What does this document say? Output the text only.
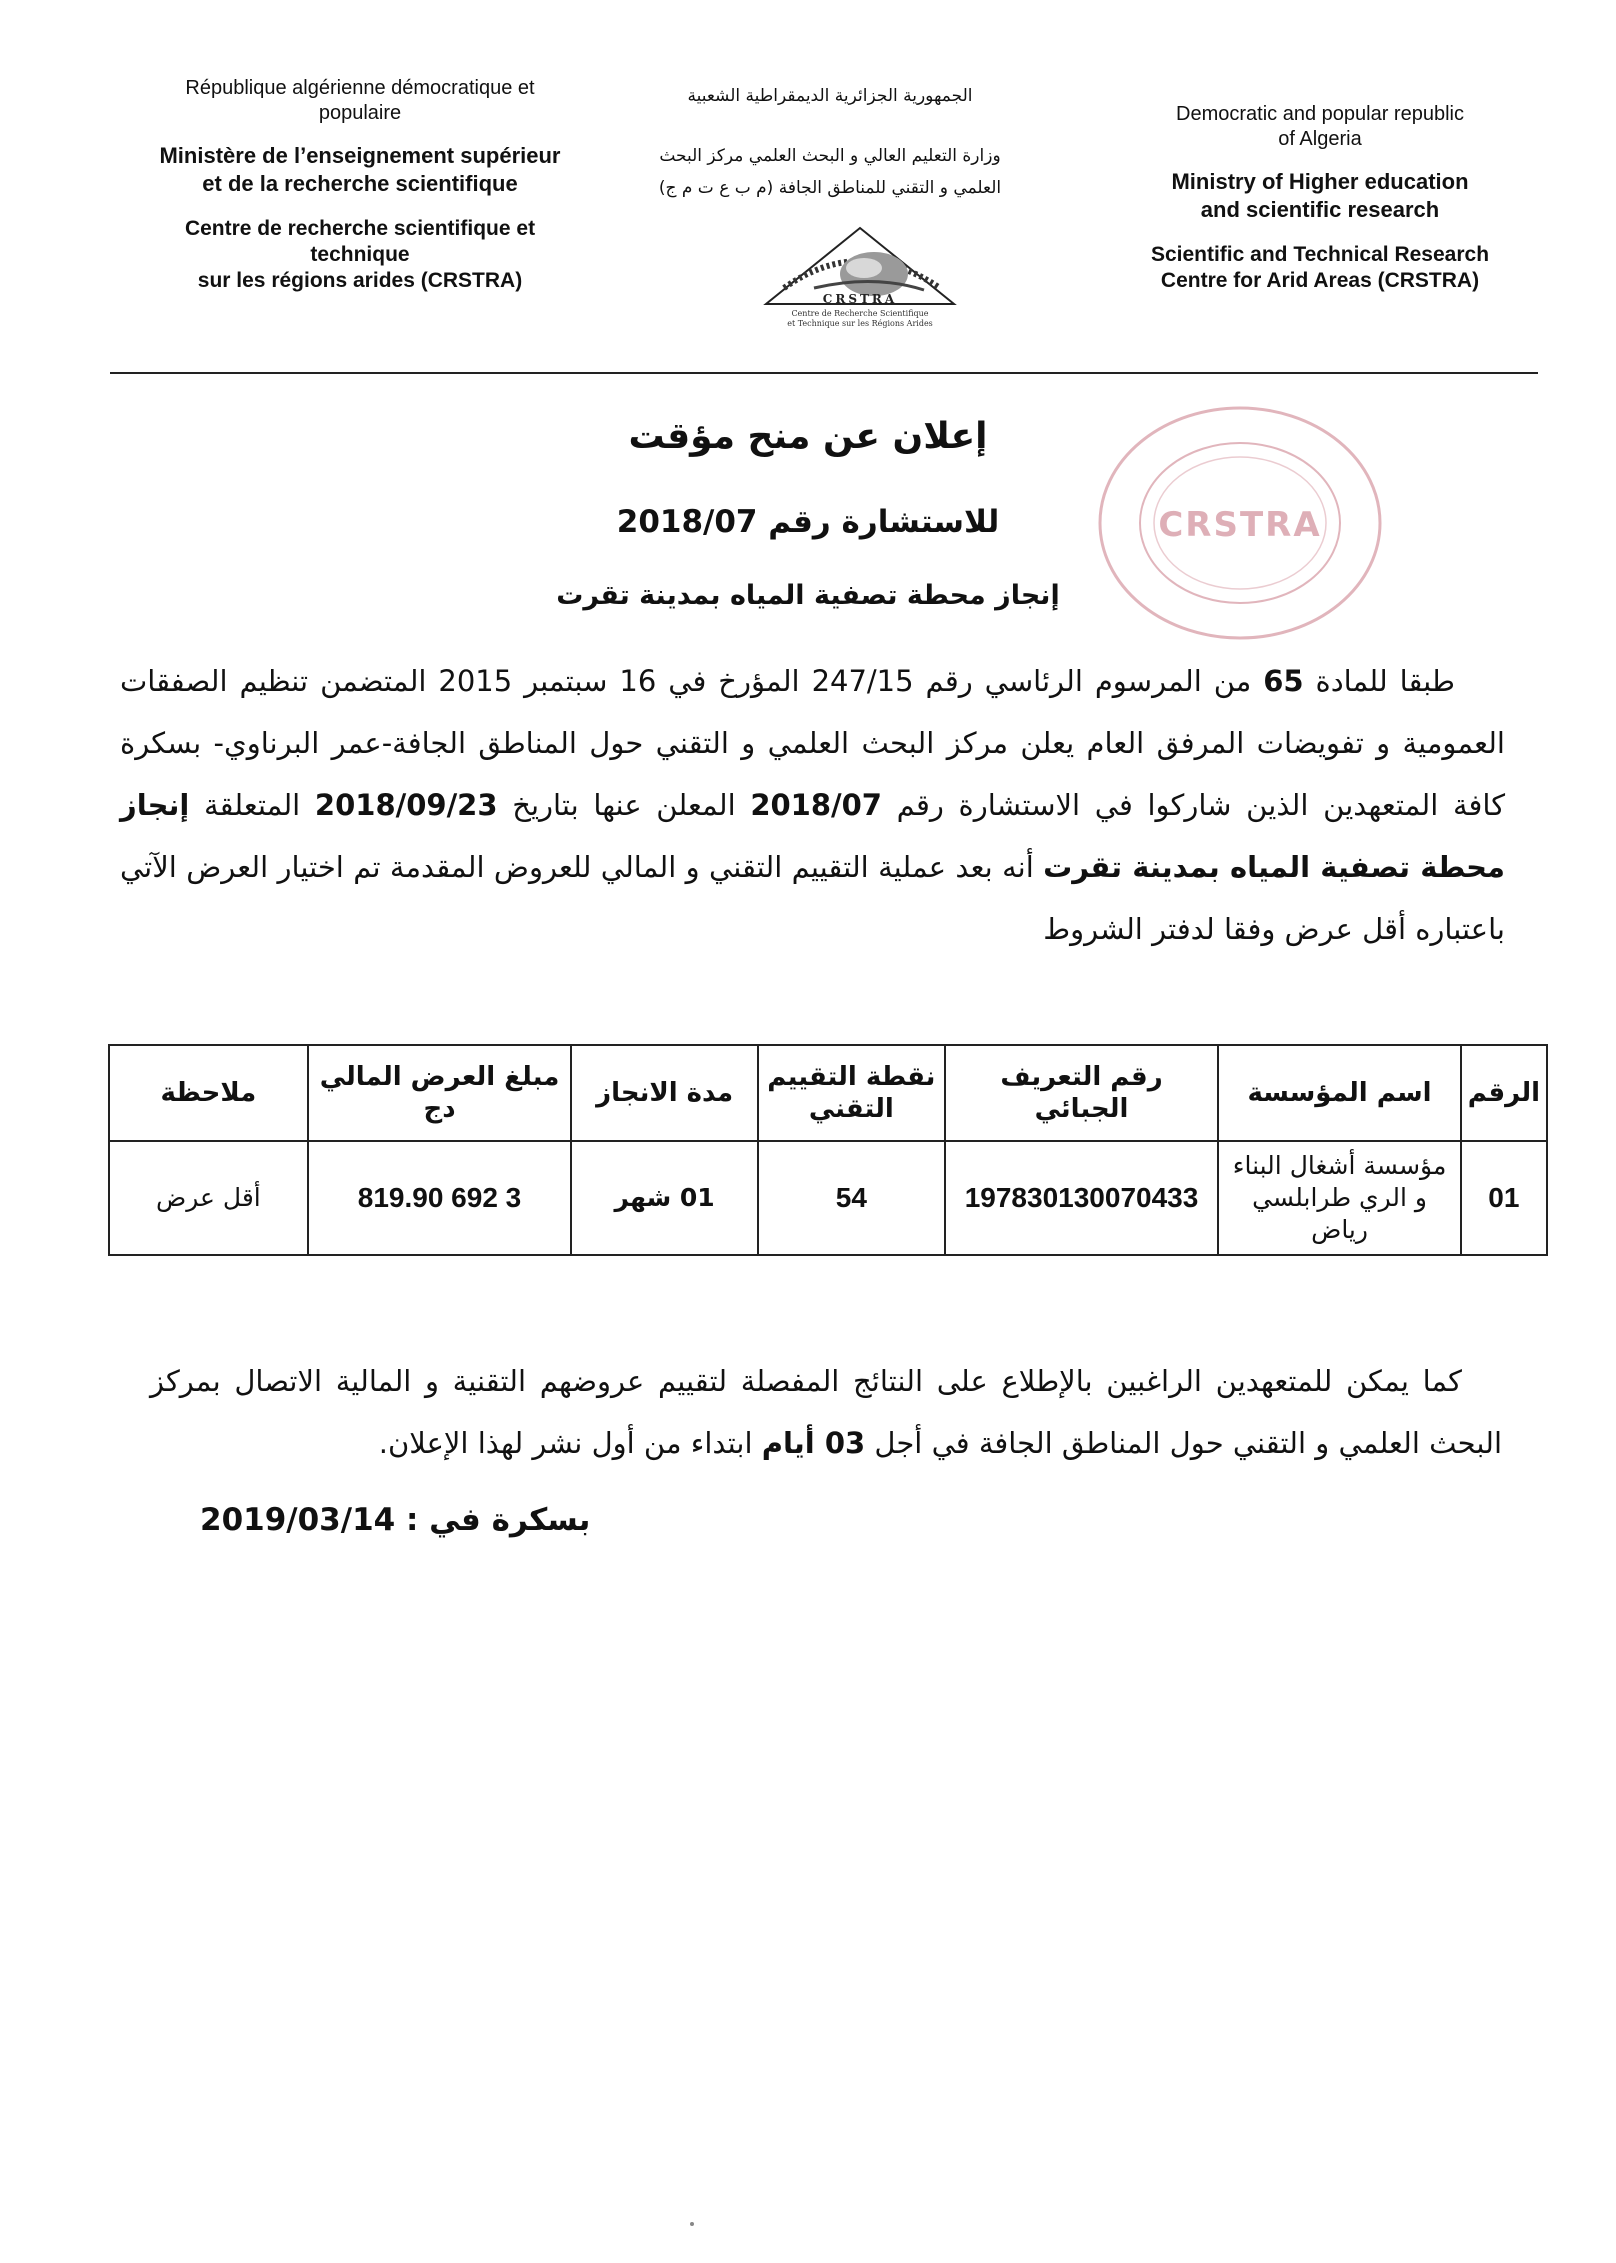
République algérienne démocratique et
populaire
Ministère de l’enseignement supérieur
et de la recherche scientifique
Centre de recherche scientifique et
technique
sur les régions arides (CRSTRA)
الجمهورية الجزائرية الديمقراطية الشعبية
وزارة التعليم العالي و البحث العلمي مركز البحث
العلمي و التقني للمناطق الجافة (م ب ع ت م ج)
CRSTRA
Centre de Recherche Scientifique
et Technique sur les Régions Arides
Democratic and popular republic
of Algeria
Ministry of Higher education
and scientific research
Scientific and Technical Research
Centre for Arid Areas (CRSTRA)
CRSTRA
إعلان عن منح مؤقت
للاستشارة رقم 2018/07
إنجاز محطة تصفية المياه بمدينة تقرت
طبقا للمادة 65 من المرسوم الرئاسي رقم 247/15 المؤرخ في 16 سبتمبر 2015 المتضمن تنظيم الصفقات العمومية و تفويضات المرفق العام يعلن مركز البحث العلمي و التقني حول المناطق الجافة-عمر البرناوي- بسكرة كافة المتعهدين الذين شاركوا في الاستشارة رقم 2018/07 المعلن عنها بتاريخ 2018/09/23 المتعلقة إنجاز محطة تصفية المياه بمدينة تقرت أنه بعد عملية التقييم التقني و المالي للعروض المقدمة تم اختيار العرض الآتي باعتباره أقل عرض وفقا لدفتر الشروط
الرقم	اسم المؤسسة	رقم التعريف الجبائي	نقطة التقييم التقني	مدة الانجاز	مبلغ العرض المالي دج	ملاحظة
01	مؤسسة أشغال البناء و الري طرابلسي رياض	197830130070433	54	01 شهر	3 692 819.90	أقل عرض
كما يمكن للمتعهدين الراغبين بالإطلاع على النتائج المفصلة لتقييم عروضهم التقنية و المالية الاتصال بمركز البحث العلمي و التقني حول المناطق الجافة في أجل 03 أيام ابتداء من أول نشر لهذا الإعلان.
بسكرة في : 2019/03/14
